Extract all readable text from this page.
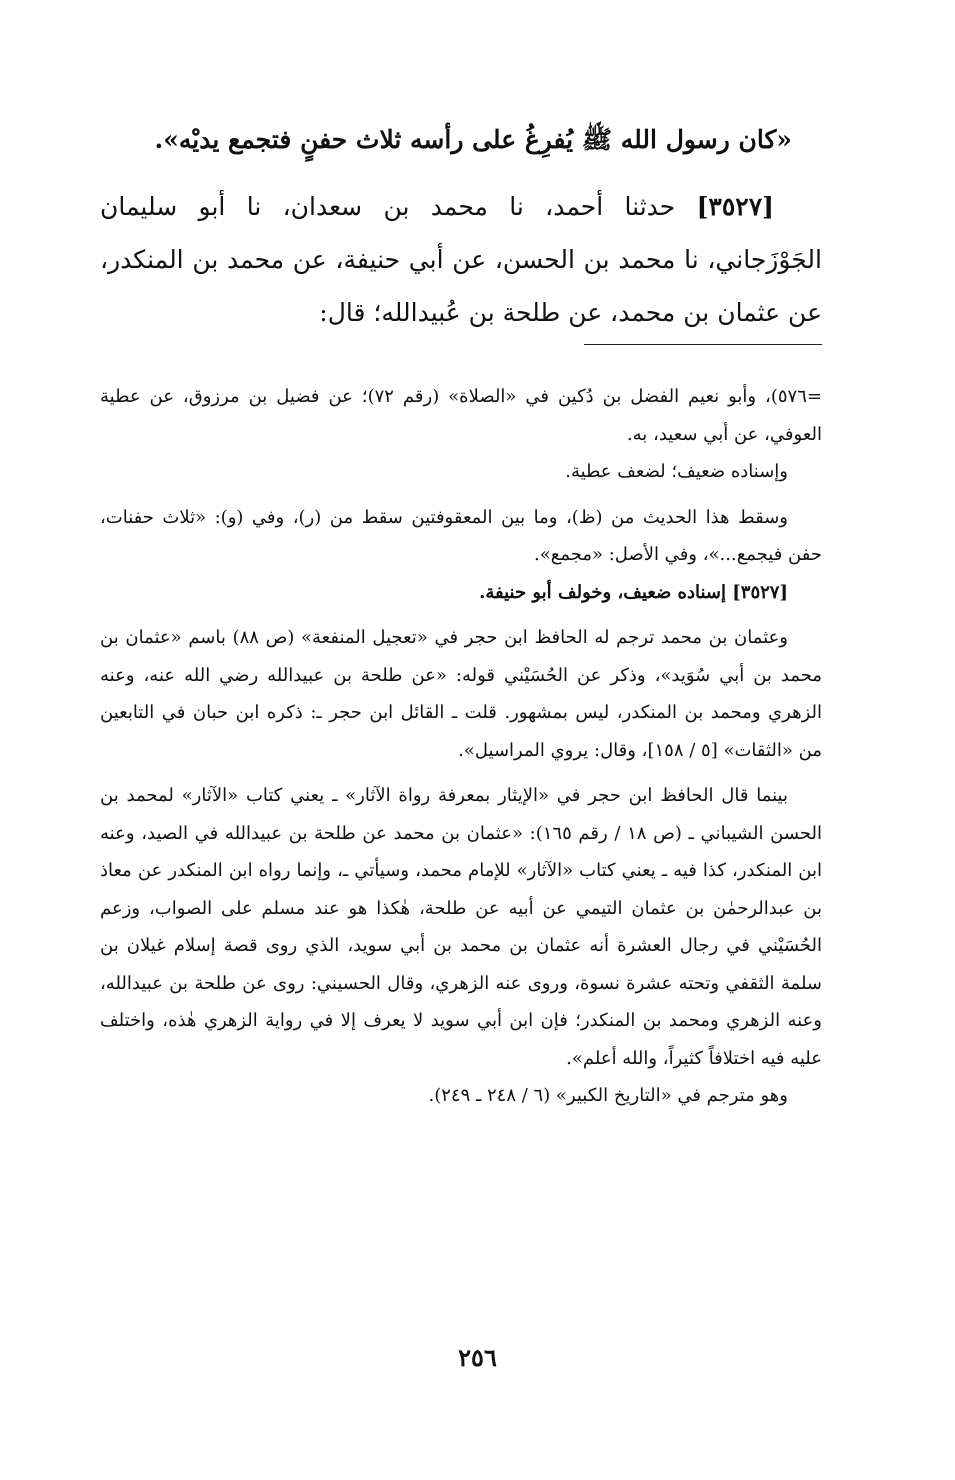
«كان رسول الله ﷺ يُفرِغُ على رأسه ثلاث حفنٍ فتجمع يديْه».
[٣٥٢٧] حدثنا أحمد، نا محمد بن سعدان، نا أبو سليمان الجَوْزَجاني، نا محمد بن الحسن، عن أبي حنيفة، عن محمد بن المنكدر، عن عثمان بن محمد، عن طلحة بن عُبيدالله؛ قال:

=٥٧٦)، وأبو نعيم الفضل بن دُكين في «الصلاة» (رقم ٧٢)؛ عن فضيل بن مرزوق، عن عطية العوفي، عن أبي سعيد، به.

وإسناده ضعيف؛ لضعف عطية.

وسقط هذا الحديث من (ظ)، وما بين المعقوفتين سقط من (ر)، وفي (و): «ثلاث حفنات، حفن فيجمع...»، وفي الأصل: «مجمع».

[٣٥٢٧] إسناده ضعيف، وخولف أبو حنيفة.

وعثمان بن محمد ترجم له الحافظ ابن حجر في «تعجيل المنفعة» (ص ٨٨) باسم «عثمان بن محمد بن أبي سُوَيد»، وذكر عن الحُسَيْني قوله: «عن طلحة بن عبيدالله رضي الله عنه، وعنه الزهري ومحمد بن المنكدر، ليس بمشهور. قلت ـ القائل ابن حجر ـ: ذكره ابن حبان في التابعين من «الثقات» [٥ / ١٥٨]، وقال: يروي المراسيل».

بينما قال الحافظ ابن حجر في «الإيثار بمعرفة رواة الآثار» ـ يعني كتاب «الآثار» لمحمد بن الحسن الشيباني ـ (ص ١٨ / رقم ١٦٥): «عثمان بن محمد عن طلحة بن عبيدالله في الصيد، وعنه ابن المنكدر، كذا فيه ـ يعني كتاب «الآثار» للإمام محمد، وسيأتي ـ، وإنما رواه ابن المنكدر عن معاذ بن عبدالرحمٰن بن عثمان التيمي عن أبيه عن طلحة، هٰكذا هو عند مسلم على الصواب، وزعم الحُسَيْني في رجال العشرة أنه عثمان بن محمد بن أبي سويد، الذي روى قصة إسلام غيلان بن سلمة الثقفي وتحته عشرة نسوة، وروى عنه الزهري، وقال الحسيني: روى عن طلحة بن عبيدالله، وعنه الزهري ومحمد بن المنكدر؛ فإن ابن أبي سويد لا يعرف إلا في رواية الزهري هٰذه، واختلف عليه فيه اختلافاً كثيراً، والله أعلم».

وهو مترجم في «التاريخ الكبير» (٦ / ٢٤٨ ـ ٢٤٩).

٢٥٦
